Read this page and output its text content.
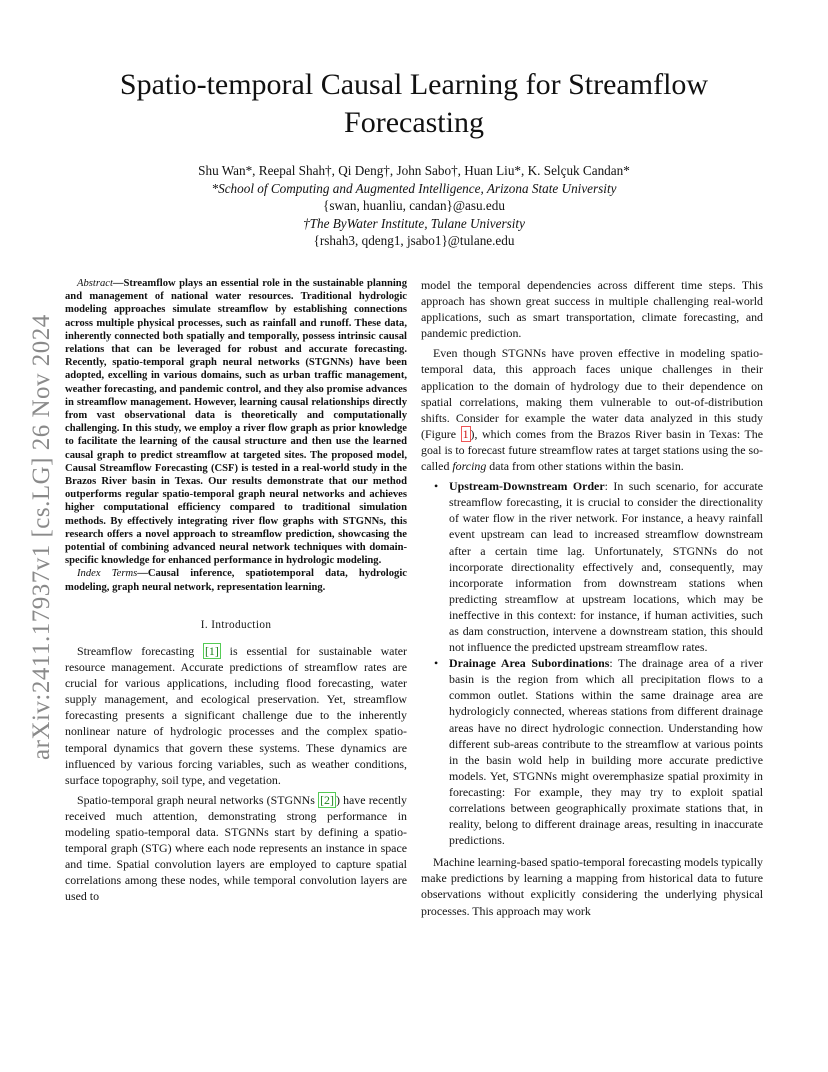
Spatio-temporal Causal Learning for Streamflow Forecasting
Shu Wan*, Reepal Shah†, Qi Deng†, John Sabo†, Huan Liu*, K. Selçuk Candan*
*School of Computing and Augmented Intelligence, Arizona State University
{swan, huanliu, candan}@asu.edu
†The ByWater Institute, Tulane University
{rshah3, qdeng1, jsabo1}@tulane.edu
arXiv:2411.17937v1 [cs.LG] 26 Nov 2024

Abstract—Streamflow plays an essential role in the sustainable planning and management of national water resources. Traditional hydrologic modeling approaches simulate streamflow by establishing connections across multiple physical processes, such as rainfall and runoff. These data, inherently connected both spatially and temporally, possess intrinsic causal relations that can be leveraged for robust and accurate forecasting. Recently, spatio-temporal graph neural networks (STGNNs) have been adopted, excelling in various domains, such as urban traffic management, weather forecasting, and pandemic control, and they also promise advances in streamflow management. However, learning causal relationships directly from vast observational data is theoretically and computationally challenging. In this study, we employ a river flow graph as prior knowledge to facilitate the learning of the causal structure and then use the learned causal graph to predict streamflow at targeted sites. The proposed model, Causal Streamflow Forecasting (CSF) is tested in a real-world study in the Brazos River basin in Texas. Our results demonstrate that our method outperforms regular spatio-temporal graph neural networks and achieves higher computational efficiency compared to traditional simulation methods. By effectively integrating river flow graphs with STGNNs, this research offers a novel approach to streamflow prediction, showcasing the potential of combining advanced neural network techniques with domain-specific knowledge for enhanced performance in hydrologic modeling.

Index Terms—Causal inference, spatiotemporal data, hydrologic modeling, graph neural network, representation learning.

I. Introduction

Streamflow forecasting [1] is essential for sustainable water resource management. Accurate predictions of streamflow rates are crucial for various applications, including flood forecasting, water supply management, and ecological preservation. Yet, streamflow forecasting presents a significant challenge due to the inherently nonlinear nature of hydrologic processes and the complex spatio-temporal dynamics that govern these systems. These dynamics are influenced by various forcing variables, such as weather conditions, surface topography, soil type, and vegetation.

Spatio-temporal graph neural networks (STGNNs [2] ) have recently received much attention, demonstrating strong performance in modeling spatio-temporal data. STGNNs start by defining a spatio-temporal graph (STG) where each node represents an instance in space and time. Spatial convolution layers are employed to capture spatial correlations among these nodes, while temporal convolution layers are used to

model the temporal dependencies across different time steps. This approach has shown great success in multiple challenging real-world applications, such as smart transportation, climate forecasting, and pandemic prediction.

Even though STGNNs have proven effective in modeling spatio-temporal data, this approach faces unique challenges in their application to the domain of hydrology due to their dependence on spatial correlations, making them vulnerable to out-of-distribution shifts. Consider for example the water data analyzed in this study (Figure 1 ), which comes from the Brazos River basin in Texas: The goal is to forecast future streamflow rates at target stations using the so-called forcing data from other stations within the basin.

• Upstream-Downstream Order: In such scenario, for accurate streamflow forecasting, it is crucial to consider the directionality of water flow in the river network. For instance, a heavy rainfall event upstream can lead to increased streamflow downstream after a certain time lag. Unfortunately, STGNNs do not incorporate directionality effectively and, consequently, may incorporate information from downstream stations when predicting streamflow at upstream locations, which may be ineffective in this context: for instance, if human activities, such as dam construction, intervene a downstream station, this should not influence the predicted upstream streamflow rates.
• Drainage Area Subordinations: The drainage area of a river basin is the region from which all precipitation flows to a common outlet. Stations within the same drainage area are hydrologicly connected, whereas stations from different drainage areas have no direct hydrologic connection. Understanding how different sub-areas contribute to the streamflow at various points in the basin wold help in building more accurate predictive models. Yet, STGNNs might overemphasize spatial proximity in forecasting: For example, they may try to exploit spatial correlations between geographically proximate stations that, in reality, belong to different drainage areas, resulting in inaccurate predictions.

Machine learning-based spatio-temporal forecasting models typically make predictions by learning a mapping from historical data to future observations without explicitly considering the underlying physical processes. This approach may work
